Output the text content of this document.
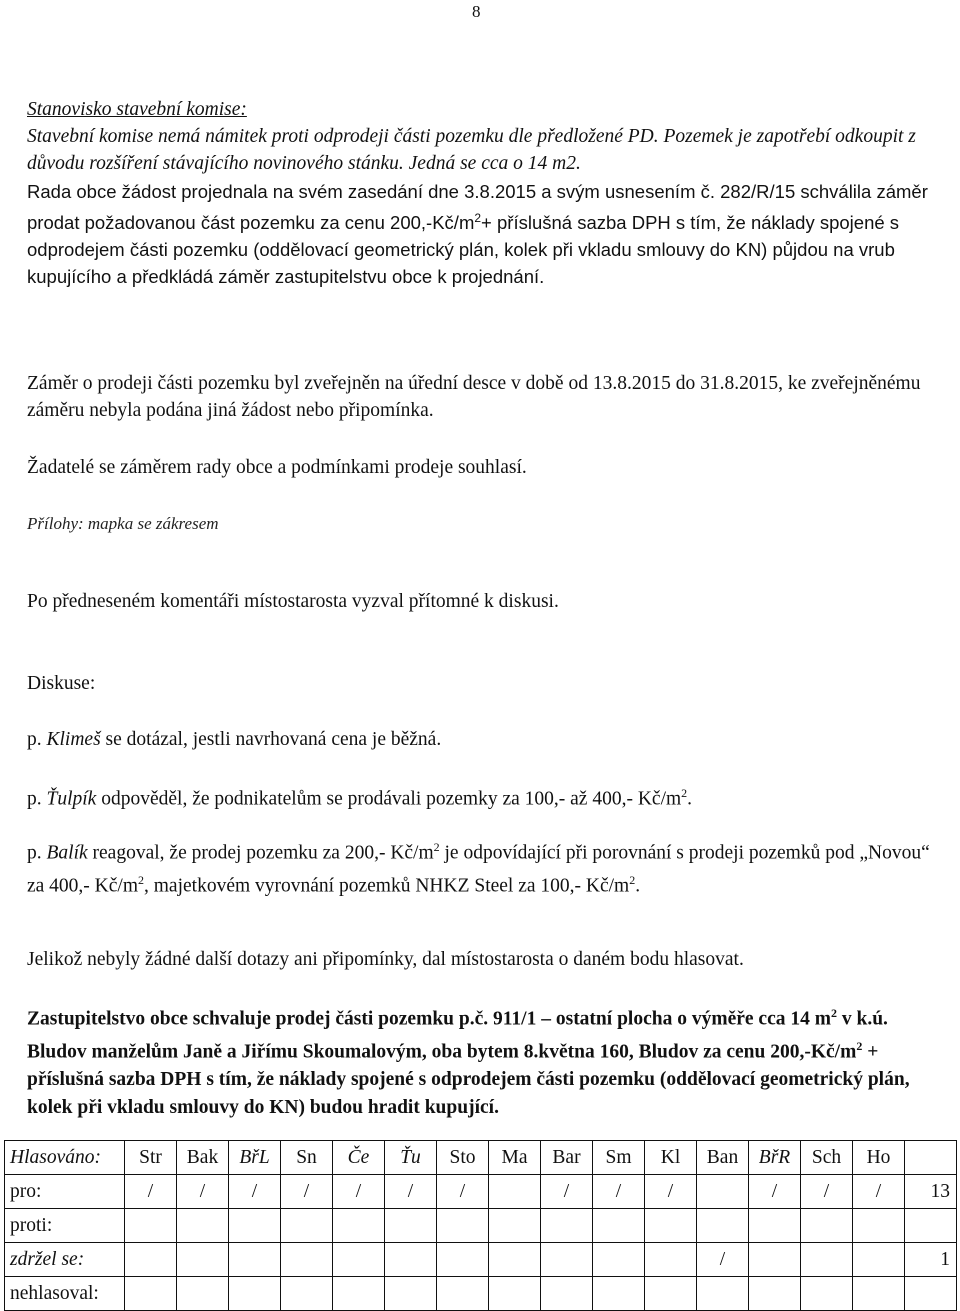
8
Stanovisko stavební komise:
Stavební komise nemá námitek proti odprodeji části pozemku dle předložené PD. Pozemek je zapotřebí odkoupit z důvodu rozšíření stávajícího novinového stánku. Jedná se cca o 14 m2.
Rada obce žádost projednala na svém zasedání dne 3.8.2015 a svým usnesením č. 282/R/15 schválila záměr prodat požadovanou část pozemku za cenu $200,-Kč/m^2+$ příslušná sazba DPH s tím, že náklady spojené s odprodejem části pozemku (oddělovací geometrický plán, kolek při vkladu smlouvy do KN) půjdou na vrub kupujícího a předkládá záměr zastupitelstvu obce k projednání.
Záměr o prodeji části pozemku byl zveřejněn na úřední desce v době od 13.8.2015 do 31.8.2015, ke zveřejněnému záměru nebyla podána jiná žádost nebo připomínka.
Žadatelé se záměrem rady obce a podmínkami prodeje souhlasí.
Přílohy: mapka se zákresem
Po předneseném komentáři místostarosta vyzval přítomné k diskusi.
Diskuse:
p. Klimeš se dotázal, jestli navrhovaná cena je běžná.
p. Ťulpík odpověděl, že podnikatelům se prodávali pozemky za 100,- až 400,- $Kč/m^2$.
p. Balík reagoval, že prodej pozemku za 200,- $Kč/m^2$ je odpovídající při porovnání s prodeji pozemků pod „Novou“ za 400,- $Kč/m^2$, majetkovém vyrovnání pozemků NHKZ Steel za 100,- $Kč/m^2$.
Jelikož nebyly žádné další dotazy ani připomínky, dal místostarosta o daném bodu hlasovat.
Zastupitelstvo obce schvaluje prodej části pozemku p.č. 911/1 – ostatní plocha o výměře cca 14 $m^2$ v k.ú. Bludov manželům Janě a Jiřímu Skoumalovým, oba bytem 8.května 160, Bludov za cenu $200,-Kč/m^2$ + příslušná sazba DPH s tím, že náklady spojené s odprodejem části pozemku (oddělovací geometrický plán, kolek při vkladu smlouvy do KN) budou hradit kupující.
Hlasováno:	Str	Bak	BřL	Sn	Če	Ťu	Sto	Ma	Bar	Sm	Kl	Ban	BřR	Sch	Ho	
pro:	/	/	/	/	/	/	/		/	/	/		/	/	/	13
proti:																
zdržel se:												/				1
nehlasoval:																
